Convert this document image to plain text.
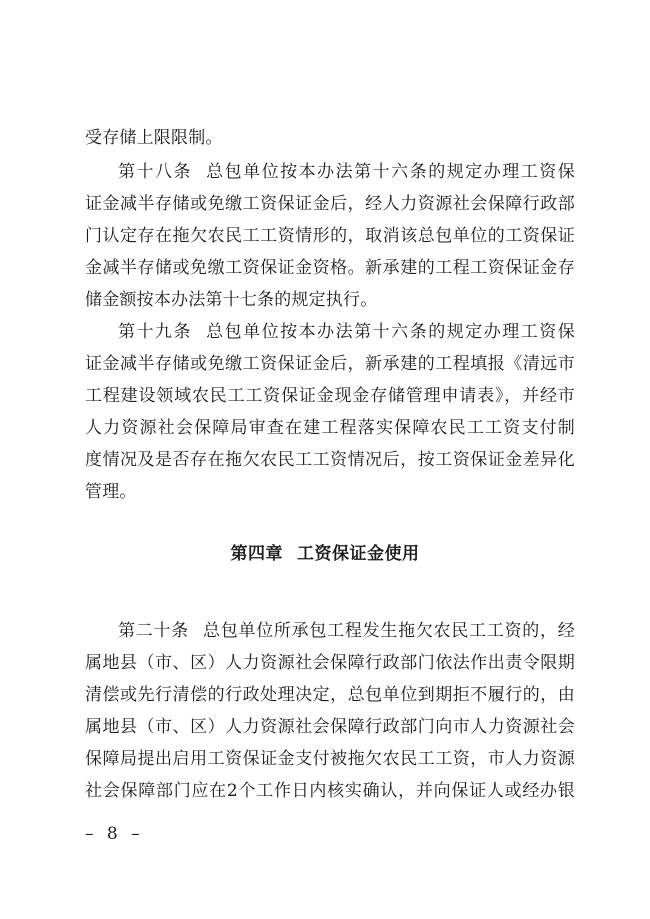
受存储上限限制。
第十八条 总包单位按本办法第十六条的规定办理工资保
证金减半存储或免缴工资保证金后，经人力资源社会保障行政部
门认定存在拖欠农民工工资情形的，取消该总包单位的工资保证
金减半存储或免缴工资保证金资格。新承建的工程工资保证金存
储金额按本办法第十七条的规定执行。
第十九条 总包单位按本办法第十六条的规定办理工资保
证金减半存储或免缴工资保证金后，新承建的工程填报《清远市
工程建设领域农民工工资保证金现金存储管理申请表》，并经市
人力资源社会保障局审查在建工程落实保障农民工工资支付制
度情况及是否存在拖欠农民工工资情况后，按工资保证金差异化
管理。
第四章 工资保证金使用
第二十条 总包单位所承包工程发生拖欠农民工工资的，经
属地县（市、区）人力资源社会保障行政部门依法作出责令限期
清偿或先行清偿的行政处理决定，总包单位到期拒不履行的，由
属地县（市、区）人力资源社会保障行政部门向市人力资源社会
保障局提出启用工资保证金支付被拖欠农民工工资，市人力资源
社会保障部门应在2个工作日内核实确认，并向保证人或经办银
– 8 –
